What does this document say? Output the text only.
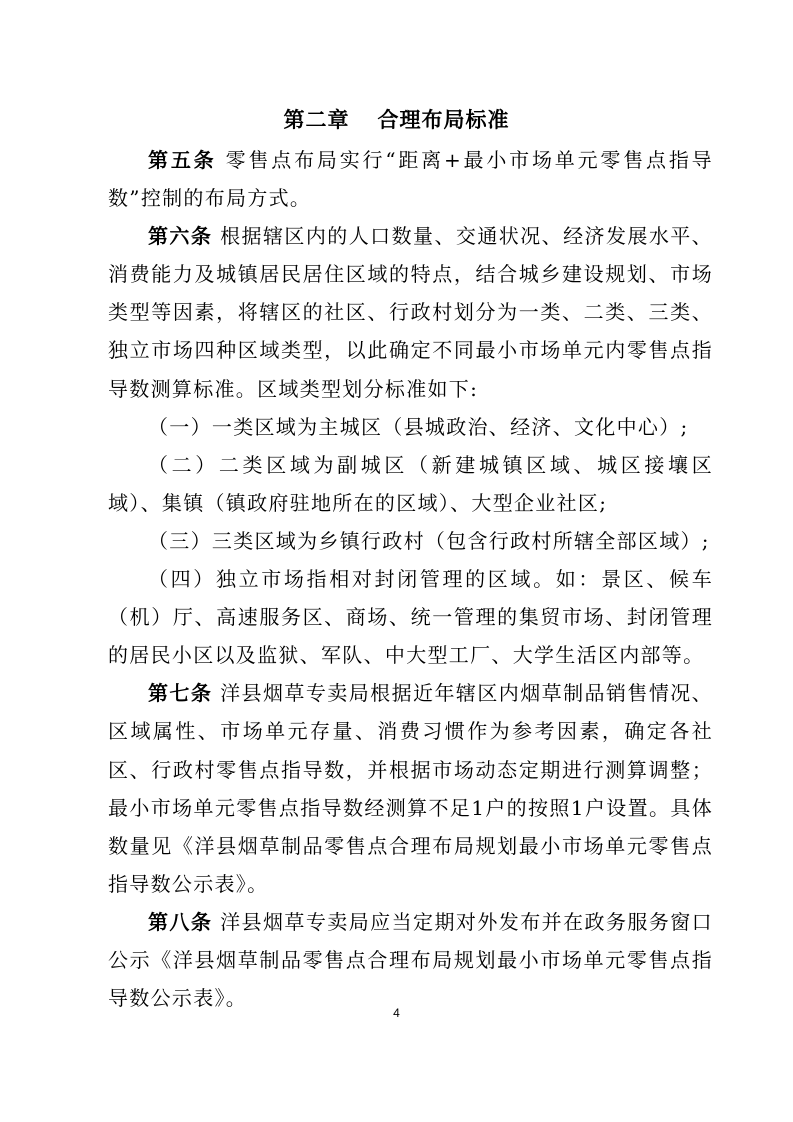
第二章 合理布局标准

第五条 零售点布局实行“距离+最小市场单元零售点指导数”控制的布局方式。

第六条 根据辖区内的人口数量、交通状况、经济发展水平、消费能力及城镇居民居住区域的特点，结合城乡建设规划、市场类型等因素，将辖区的社区、行政村划分为一类、二类、三类、独立市场四种区域类型，以此确定不同最小市场单元内零售点指导数测算标准。区域类型划分标准如下:

（一）一类区域为主城区（县城政治、经济、文化中心）;

（二）二类区域为副城区（新建城镇区域、城区接壤区域）、集镇（镇政府驻地所在的区域）、大型企业社区;

（三）三类区域为乡镇行政村（包含行政村所辖全部区域）;

（四）独立市场指相对封闭管理的区域。如：景区、候车（机）厅、高速服务区、商场、统一管理的集贸市场、封闭管理的居民小区以及监狱、军队、中大型工厂、大学生活区内部等。

第七条 洋县烟草专卖局根据近年辖区内烟草制品销售情况、区域属性、市场单元存量、消费习惯作为参考因素，确定各社区、行政村零售点指导数，并根据市场动态定期进行测算调整；最小市场单元零售点指导数经测算不足1户的按照1户设置。具体数量见《洋县烟草制品零售点合理布局规划最小市场单元零售点指导数公示表》。

第八条 洋县烟草专卖局应当定期对外发布并在政务服务窗口公示《洋县烟草制品零售点合理布局规划最小市场单元零售点指导数公示表》。

4
